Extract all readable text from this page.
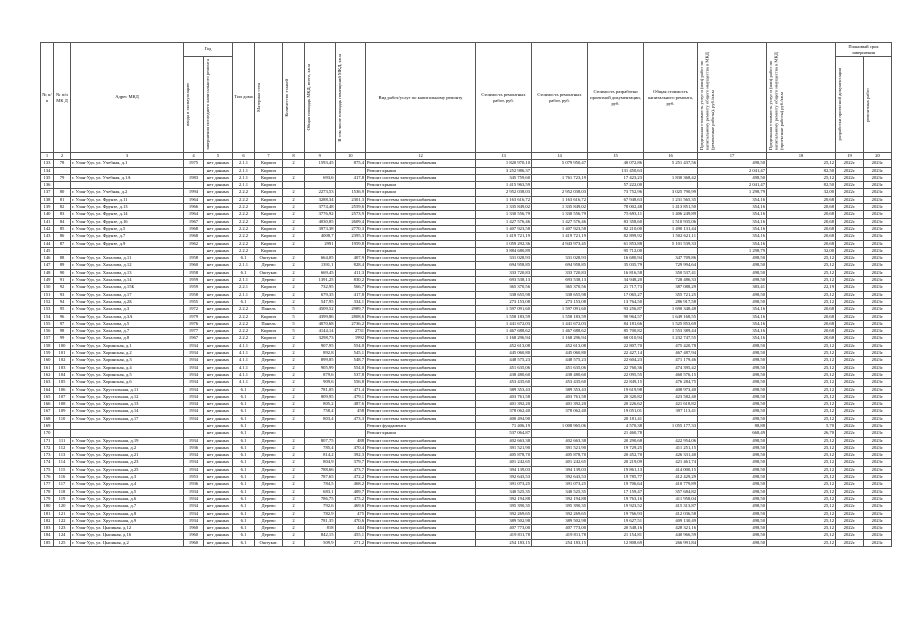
№ п/п	№ п/п МК Д	Адрес МКД	Год		Тип дома	Материал стен	Количество этажей	Общая площадь МКД, всего, кв.м	В том числе площадь помещений МКД, кв.м	Вид работ/услуг по капитальному ремонту	Стоимость ремонтных работ, руб.	Стоимость ремонтных работ, руб.	Стоимость разработки проектной документации, руб.	Общая стоимость капитального ремонта, руб.	Предельная стоимость услуг и (или) работ по капитальному ремонту общего имущества в МКД (ремонтные работы), руб./кв.м	Предельная стоимость услуг и (или) работ по капитальному ремонту общего имущества в МКД (проектные работы) руб./кв.м	Плановый срок завершения	

			ввода в эксплуатацию	завершения последнего капитального ремонта													разработки проектной документации	ремонтных работ

1	2	3	4	5	6	7	8	9	10	12	13	14	15	16	17	18	19	20
133	78	г. Улан-Удэ, ул. Учебная, д.1	1975	нет данных	2.1.1	Кирпич	2	1593,45	875,4	Ремонт системы электроснабжения	1 820 970,10	5 079 950,47	40 072,86	5 251 437,56	498,50	25,12	2022г.	2023г.
134				нет данных	2.1.1	Кирпич				Ремонт крыши	3 252 986,37		131 450,63		2 041,47	82,50	2022г.	2023г.
135	79	г. Улан-Удэ, ул. Учебная, д.1А	1983	нет данных	2.1.1	Кирпич	2	693,6	417,8	Ремонт системы электроснабжения	345 759,60	1 761 723,19	17 423,23	1 830 368,42	498,50	25,12	2022г.	2023г.
136				нет данных	2.1.1	Кирпич				Ремонт крыши	1 415 963,59		57 222,00		2 041,47	82,50	2022г.	2023г.
137	80	г. Улан-Удэ, ул. Учебная, д.2	1994	нет данных	2.2.2	Кирпич	2	2273,53	1536,9	Ремонт крыши	2 952 038,03	2 952 038,03	73 752,96	3 025 790,99	1 298,79	32,00	2022г.	2023г.
138	81	г. Улан-Удэ, ул. Фрунзе, д.11	1964	нет данных	2.2.2	Кирпич	2	3288,34	2301,3	Ремонт системы электроснабжения	1 163 616,72	1 163 616,72	67 948,63	1 231 565,35	354,16	20,68	2022г.	2023г.
139	82	г. Улан-Удэ, ул. Фрунзе, д.13	1966	нет данных	2.2.2	Кирпич	2	3774,48	2559,6	Ремонт системы электроснабжения	1 335 849,02	1 335 849,02	78 002,48	1 413 851,50	354,16	20,68	2022г.	2023г.
140	83	г. Улан-Удэ, ул. Фрунзе, д.14	1964	нет данных	2.2.2	Кирпич	2	3776,92	2573,9	Ремонт системы электроснабжения	1 330 556,79	1 330 556,79	75 693,11	1 406 249,89	354,16	20,68	2022г.	2023г.
141	84	г. Улан-Удэ, ул. Фрунзе, д.16	1967	нет данных	2.2.2	Кирпич	2	4030,85	2609,4	Ремонт системы электроснабжения	1 427 576,46	1 427 576,46	83 358,60	1 510 935,06	354,16	20,68	2022г.	2023г.
142	85	г. Улан-Удэ, ул. Фрунзе, д.5	1968	нет данных	2.2.2	Кирпич	2	3973,38	2770,3	Ремонт системы электроснабжения	1 407 923,58	1 407 923,58	82 210,00	1 490 131,44	354,16	20,68	2022г.	2023г.
143	86	г. Улан-Удэ, ул. Фрунзе, д.7	1968	нет данных	2.2.2	Кирпич	2	4008,7	2395,3	Ремонт системы электроснабжения	1 419 721,19	1 419 721,19	82 899,92	1 502 621,11	354,16	20,68	2022г.	2023г.
144	87	г. Улан-Удэ, ул. Фрунзе, д.9	1962	нет данных	2.2.2	Кирпич	2	2991	1959,8	Ремонт системы электроснабжения	1 059 292,36	4 943 973,45	61 853,88	5 101 539,33	354,16	20,68	2022г.	2023г.
145				нет данных	2.2.2	Кирпич				Ремонт крыши	3 884 680,89		95 712,00		1 298,79	32,00	2022г.	2023г.
146	88	г. Улан-Удэ, ул. Хахалова, д.11	1958	нет данных	6.1	Оштукат.	2	664,05	407,9	Ремонт системы электроснабжения	331 028,93	331 028,93	16 680,94	347 709,86	498,50	25,12	2022г.	2023г.
147	89	г. Улан-Удэ, ул. Хахалова, д.12	1960	нет данных	2.1.1	Дерево	2	1391,1	828,4	Ремонт системы электроснабжения	694 958,85	694 958,85	35 035,79	729 994,64	498,50	25,12	2022г.	2023г.
148	90	г. Улан-Удэ, ул. Хахалова, д.13	1958	нет данных	6.1	Оштукат.	2	669,45	411,3	Ремонт системы электроснабжения	333 720,83	333 720,83	16 816,58	350 537,41	498,50	25,12	2022г.	2023г.
149	91	г. Улан-Удэ, ул. Хахалова, д.14	1959	нет данных	2.1.1	Дерево	2	1391,25	830,2	Ремонт системы электроснабжения	693 538,13	693 538,13	34 948,20	728 486,33	498,50	25,12	2022г.	2023г.
150	92	г. Улан-Удэ, ул. Хахалова, д.15Б	1959	нет данных	2.2.1	Кирпич	2	732,95	566,7	Ремонт системы электроснабжения	365 370,56	365 370,56	21 717,73	387 088,29	383,41	22,19	2022г.	2023г.
151	93	г. Улан-Удэ, ул. Хахалова, д.17	1958	нет данных	2.1.1	Дерево	2	679,35	417,8	Ремонт системы электроснабжения	338 655,98	338 655,98	17 065,27	355 721,25	498,50	25,12	2022г.	2023г.
152	94	г. Улан-Удэ, ул. Хахалова, д.2Б	1955	нет данных	6.1	Дерево	2	547,95	334,1	Ремонт системы электроснабжения	273 153,08	273 153,08	13 764,50	286 917,58	498,50	25,12	2022г.	2023г.
153	95	г. Улан-Удэ, ул. Хахалова, д.3	1972	нет данных	2.2.2	Панель	5	4509,52	2989,7	Ремонт системы электроснабжения	1 597 091,60	1 597 091,60	93 256,87	1 690 348,48	354,16	20,68	2022г.	2023г.
154	96	г. Улан-Удэ, ул. Хахалова, д.3А	1979	нет данных	2.2.2	Кирпич	5	4399,86	2808,6	Ремонт системы электроснабжения	1 558 183,59	1 558 183,59	90 964,57	1 649 168,55	354,16	20,68	2022г.	2023г.
155	97	г. Улан-Удэ, ул. Хахалова, д.5	1976	нет данных	2.2.2	Панель	5	4070,68	2736,2	Ремонт системы электроснабжения	1 441 672,03	1 441 672,03	84 181,66	1 525 853,69	354,16	20,68	2022г.	2023г.
156	98	г. Улан-Удэ, ул. Хахалова, д.7	1977	нет данных	2.2.2	Кирпич	5	4144,14	2731	Ремонт системы электроснабжения	1 467 688,62	1 467 688,62	85 700,82	1 553 389,44	354,16	20,68	2022г.	2023г.
157	99	г. Улан-Удэ, ул. Хахалова, д.8	1967	нет данных	2.2.2	Кирпич	2	3298,73	1992	Ремонт системы электроснабжения	1 168 296,94	1 168 296,94	68 010,94	1 232 747,55	354,16	20,68	2022г.	2023г.
158	100	г. Улан-Удэ, ул. Хоринская, д.1	1934	нет данных	4.1.1	Дерево	2	907,95	554,0	Ремонт системы электроснабжения	452 613,08	452 613,08	22 807,70	475 420,78	498,50	25,12	2022г.	2023г.
159	101	г. Улан-Удэ, ул. Хоринская, д.2	1934	нет данных	4.1.1	Дерево	2	892,8	545,1	Ремонт системы электроснабжения	445 060,80	445 060,80	22 427,14	467 487,94	498,50	25,12	2022г.	2023г.
160	102	г. Улан-Удэ, ул. Хоринская, д.3	1934	нет данных	4.1.1	Дерево	2	899,85	548,7	Ремонт системы электроснабжения	448 575,23	448 575,23	22 604,23	471 179,46	498,50	25,12	2022г.	2023г.
161	103	г. Улан-Удэ, ул. Хоринская, д.4	1934	нет данных	4.1.1	Дерево	2	905,99	554,0	Ремонт системы электроснабжения	451 635,06	451 635,06	22 760,36	474 395,42	498,50	25,12	2022г.	2023г.
162	104	г. Улан-Удэ, ул. Хоринская, д.5	1934	нет данных	4.1.1	Дерево	2	879,6	537,8	Ремонт системы электроснабжения	438 480,60	438 480,60	22 095,55	460 576,15	498,50	25,12	2022г.	2023г.
163	105	г. Улан-Удэ, ул. Хоринская, д.6	1934	нет данных	4.1.1	Дерево	2	909,6	556,8	Ремонт системы электроснабжения	453 435,60	453 435,60	22 849,15	476 284,75	498,50	25,12	2022г.	2023г.
164	106	г. Улан-Удэ, ул. Хрусталъная, д.11	1934	нет данных	6.1	Дерево	2	781,05	471,4	Ремонт системы электроснабжения	389 353,43	389 353,43	19 619,98	408 973,40	498,50	25,12	2022г.	2023г.
165	107	г. Улан-Удэ, ул. Хрусталъная, д.12	1934	нет данных	6.1	Дерево	2	809,95	479,1	Ремонт системы электроснабжения	403 761,58	403 761,58	20 320,82	423 582,40	498,50	25,12	2022г.	2023г.
166	108	г. Улан-Удэ, ул. Хрусталъная, д.13	1934	нет данных	6.1	Дерево	2	805,2	487,6	Ремонт системы электроснабжения	401 392,20	401 392,20	20 226,62	421 618,82	498,50	25,12	2022г.	2023г.
167	109	г. Улан-Удэ, ул. Хрусталъная, д.14	1934	нет данных	6.1	Дерево	2	758,4	458	Ремонт системы электроснабжения	378 062,40	378 062,40	19 051,01	397 113,41	498,50	25,12	2022г.	2023г.
168	110	г. Улан-Удэ, ул. Хрусталъная, д.17	1934	нет данных	6.1	Дерево	2	803,4	473,3	Ремонт системы электроснабжения	400 494,90		20 181,41		498,50	25,12	2022г.	2023г.
169				нет данных	6.1	Дерево				Ремонт фундамента	71 406,19	1 008 965,06	4 570,38	1 055 177,33	88,88	5,70	2022г.	2023г.
170				нет данных	6.1	Дерево				Ремонт крыши	537 064,87		21 460,78		668,49	26,70	2022г.	2023г.
171	111	г. Улан-Удэ, ул. Хрусталъная, д.19	1934	нет данных	6.1	Дерево	2	807,75	488	Ремонт системы электроснабжения	402 663,38	402 663,38	20 290,68	422 954,06	498,50	25,12	2022г.	2023г.
172	112	г. Улан-Удэ, ул. Хрусталъная, д.2	1936	нет данных	6.1	Дерево	2	785,4	470,4	Ремонт системы электроснабжения	391 521,90	391 521,90	19 729,25	411 251,15	498,50	25,12	2022г.	2023г.
173	113	г. Улан-Удэ, ул. Хрусталъная, д.21	1934	нет данных	6.1	Дерево	2	814,2	392,3	Ремонт системы электроснабжения	405 878,70	405 878,70	20 452,70	426 331,40	498,50	25,12	2022г.	2023г.
174	114	г. Улан-Удэ, ул. Хрусталъная, д.23	1934	нет данных	6.1	Дерево	2	804,9	379,7	Ремонт системы электроснабжения	401 242,65	401 242,65	20 219,09	421 461,74	498,50	25,12	2022г.	2023г.
175	115	г. Улан-Удэ, ул. Хрусталъная, д.25	1934	нет данных	6.1	Дерево	2	788,66	473,7	Ремонт системы электроснабжения	394 139,03	394 139,03	19 861,13	414 000,15	498,50	25,12	2022г.	2023г.
176	116	г. Улан-Удэ, ул. Хрусталъная, д.3	1953	нет данных	6.1	Дерево	2	787,65	472,2	Ремонт системы электроснабжения	392 643,53	392 643,53	19 785,77	412 429,29	498,50	25,12	2022г.	2023г.
177	117	г. Улан-Удэ, ул. Хрусталъная, д.4	1936	нет данных	6.1	Дерево	2	784,5	468,2	Ремонт системы электроснабжения	391 073,25	391 073,25	19 706,64	410 779,89	498,50	25,12	2022г.	2023г.
178	118	г. Улан-Удэ, ул. Хрусталъная, д.5	1934	нет данных	6.1	Дерево	2	683,1	409,7	Ремонт системы электроснабжения	340 525,35	340 525,35	17 159,47	357 684,82	498,50	25,12	2022г.	2023г.
179	119	г. Улан-Удэ, ул. Хрусталъная, д.6	1934	нет данных	6.1	Дерево	2	786,75	475,2	Ремонт системы электроснабжения	392 194,88	392 194,88	19 763,16	411 958,04	498,50	25,12	2022г.	2023г.
180	120	г. Улан-Удэ, ул. Хрусталъная, д.7	1934	нет данных	6.1	Дерево	2	792,6	469,6	Ремонт системы электроснабжения	395 390,35	395 390,35	19 923,52	415 313,87	498,50	25,12	2022г.	2023г.
181	121	г. Улан-Удэ, ул. Хрусталъная, д.8	1934	нет данных	6.1	Дерево	2	782,9	475	Ремонт системы электроснабжения	392 269,65	392 269,65	19 766,93	412 036,58	498,50	25,12	2022г.	2023г.
182	122	г. Улан-Удэ, ул. Хрусталъная, д.9	1934	нет данных	6.1	Дерево	2	781,35	470,6	Ремонт системы электроснабжения	389 502,98	389 502,98	19 627,51	409 130,49	498,50	25,12	2022г.	2023г.
183	123	г. Улан-Удэ, ул. Цыпиная, д.12	1960	нет данных	6.1	Дерево	2	818	444	Ремонт системы электроснабжения	407 773,00	407 773,00	20 548,16	428 321,16	498,50	25,12	2022г.	2023г.
184	124	г. Улан-Удэ, ул. Цыпиная, д.16	1960	нет данных	6.1	Дерево	2	842,15	455,1	Ремонт системы электроснабжения	419 811,78	419 811,78	21 154,81	440 966,59	498,50	25,12	2022г.	2023г.
185	125	г. Улан-Удэ, ул. Цыпиная, д.2	1960	нет данных	6.1	Оштукат.	2	509,9	271,2	Ремонт системы электроснабжения	254 183,15	254 183,15	12 808,69	266 991,84	498,50	25,12	2022г.	2023г.
